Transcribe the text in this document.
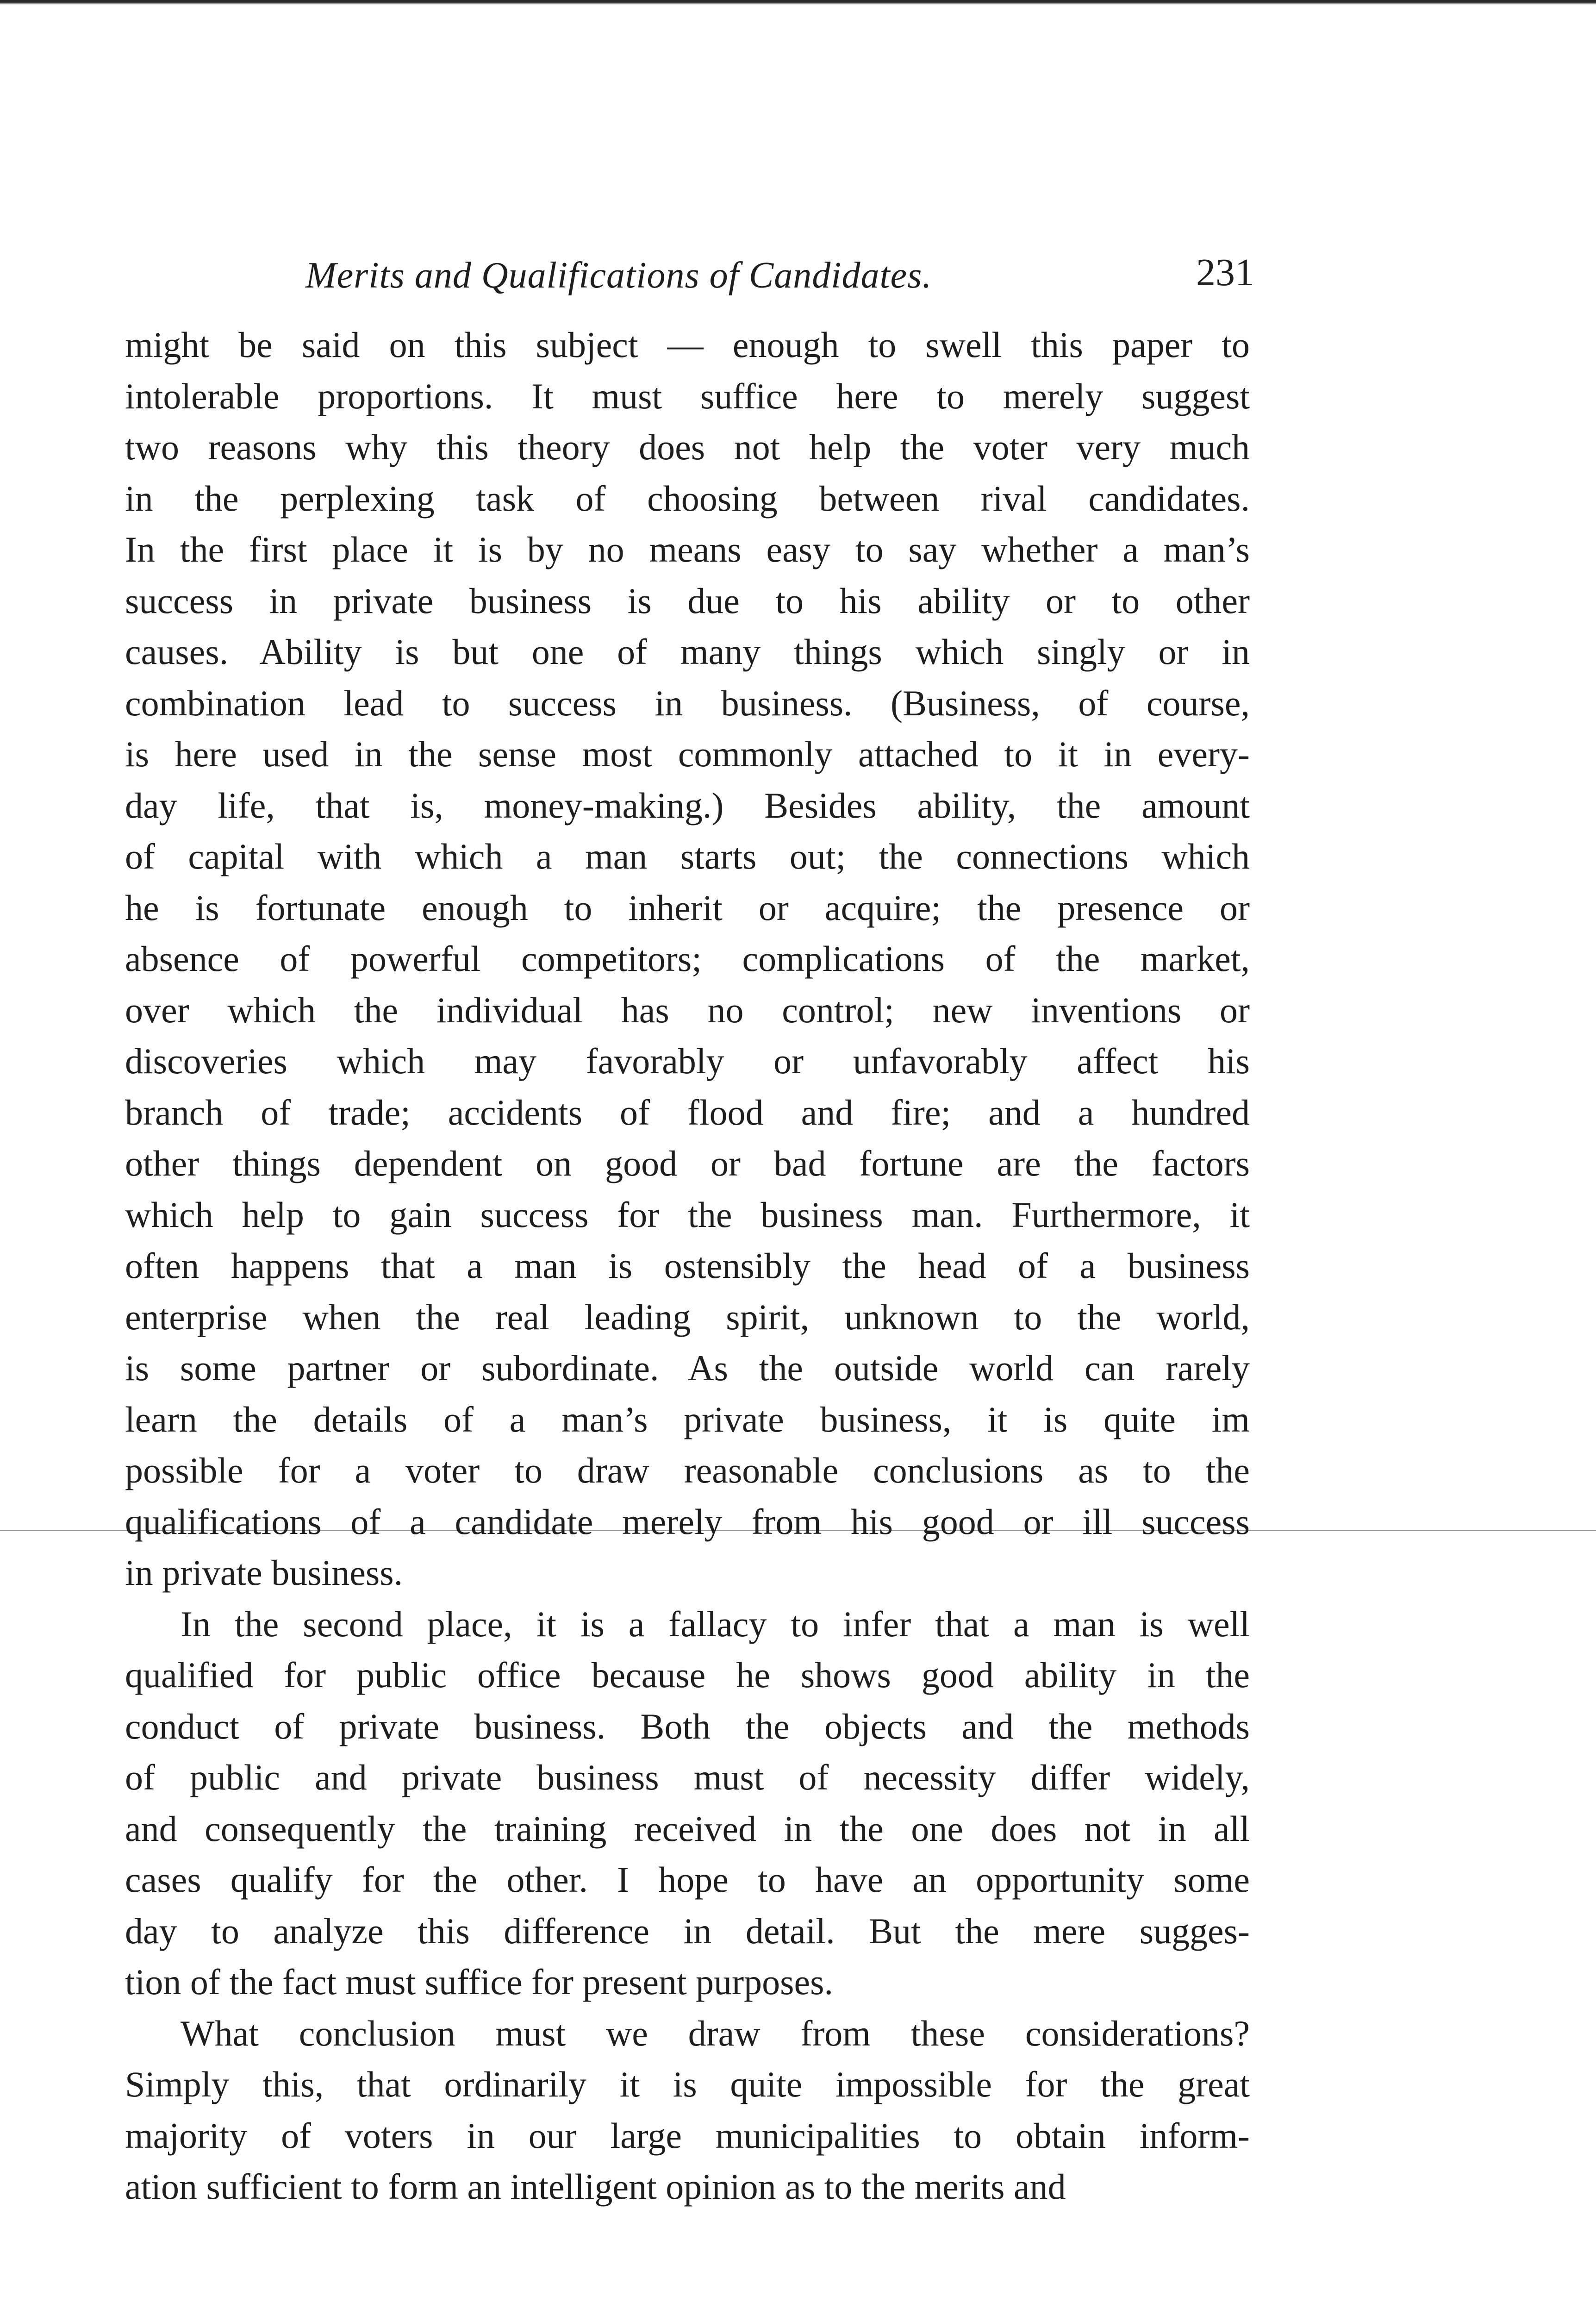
Merits and Qualifications of Candidates.	231

might be said on this subject — enough to swell this paper to
intolerable proportions. It must suffice here to merely suggest
two reasons why this theory does not help the voter very much
in the perplexing task of choosing between rival candidates.
In the first place it is by no means easy to say whether a man’s
success in private business is due to his ability or to other
causes. Ability is but one of many things which singly or in
combination lead to success in business. (Business, of course,
is here used in the sense most commonly attached to it in every-
day life, that is, money-making.) Besides ability, the amount
of capital with which a man starts out; the connections which
he is fortunate enough to inherit or acquire; the presence or
absence of powerful competitors; complications of the market,
over which the individual has no control; new inventions or
discoveries which may favorably or unfavorably affect his
branch of trade; accidents of flood and fire; and a hundred
other things dependent on good or bad fortune are the factors
which help to gain success for the business man. Furthermore, it
often happens that a man is ostensibly the head of a business
enterprise when the real leading spirit, unknown to the world,
is some partner or subordinate. As the outside world can rarely
learn the details of a man’s private business, it is quite im
possible for a voter to draw reasonable conclusions as to the
qualifications of a candidate merely from his good or ill success
in private business.

In the second place, it is a fallacy to infer that a man is well
qualified for public office because he shows good ability in the
conduct of private business. Both the objects and the methods
of public and private business must of necessity differ widely,
and consequently the training received in the one does not in all
cases qualify for the other. I hope to have an opportunity some
day to analyze this difference in detail. But the mere sugges-
tion of the fact must suffice for present purposes.

What conclusion must we draw from these considerations?
Simply this, that ordinarily it is quite impossible for the great
majority of voters in our large municipalities to obtain inform-
ation sufficient to form an intelligent opinion as to the merits and
